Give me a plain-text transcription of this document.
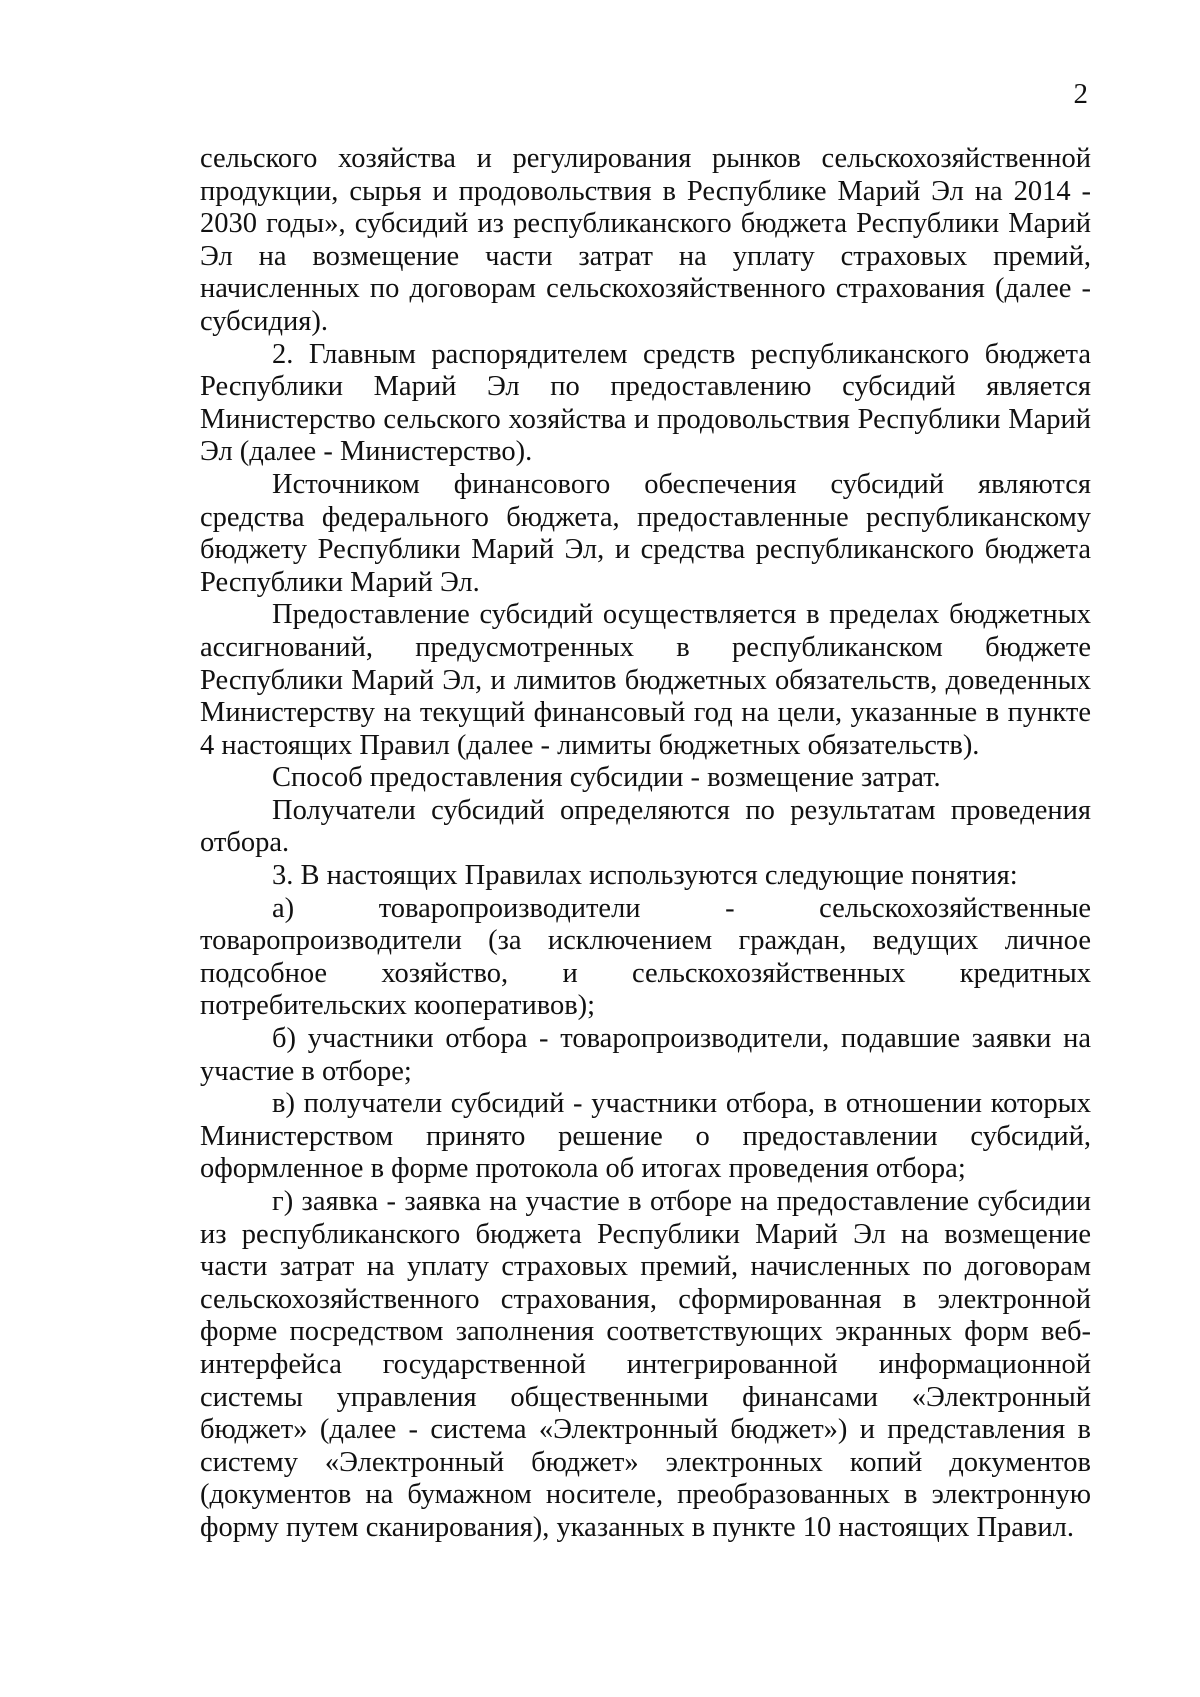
2

сельского хозяйства и регулирования рынков сельскохозяйственной продукции, сырья и продовольствия в Республике Марий Эл на 2014 - 2030 годы», субсидий из республиканского бюджета Республики Марий Эл на возмещение части затрат на уплату страховых премий, начисленных по договорам сельскохозяйственного страхования (далее - субсидия).

2. Главным распорядителем средств республиканского бюджета Республики Марий Эл по предоставлению субсидий является Министерство сельского хозяйства и продовольствия Республики Марий Эл (далее - Министерство).

Источником финансового обеспечения субсидий являются средства федерального бюджета, предоставленные республиканскому бюджету Республики Марий Эл, и средства республиканского бюджета Республики Марий Эл.

Предоставление субсидий осуществляется в пределах бюджетных ассигнований, предусмотренных в республиканском бюджете Республики Марий Эл, и лимитов бюджетных обязательств, доведенных Министерству на текущий финансовый год на цели, указанные в пункте 4 настоящих Правил (далее - лимиты бюджетных обязательств).

Способ предоставления субсидии - возмещение затрат.

Получатели субсидий определяются по результатам проведения отбора.

3. В настоящих Правилах используются следующие понятия:

а) товаропроизводители - сельскохозяйственные товаропроизводители (за исключением граждан, ведущих личное подсобное хозяйство, и сельскохозяйственных кредитных потребительских кооперативов);

б) участники отбора - товаропроизводители, подавшие заявки на участие в отборе;

в) получатели субсидий - участники отбора, в отношении которых Министерством принято решение о предоставлении субсидий, оформленное в форме протокола об итогах проведения отбора;

г) заявка - заявка на участие в отборе на предоставление субсидии из республиканского бюджета Республики Марий Эл на возмещение части затрат на уплату страховых премий, начисленных по договорам сельскохозяйственного страхования, сформированная в электронной форме посредством заполнения соответствующих экранных форм веб-интерфейса государственной интегрированной информационной системы управления общественными финансами «Электронный бюджет» (далее - система «Электронный бюджет») и представления в систему «Электронный бюджет» электронных копий документов (документов на бумажном носителе, преобразованных в электронную форму путем сканирования), указанных в пункте 10 настоящих Правил.
